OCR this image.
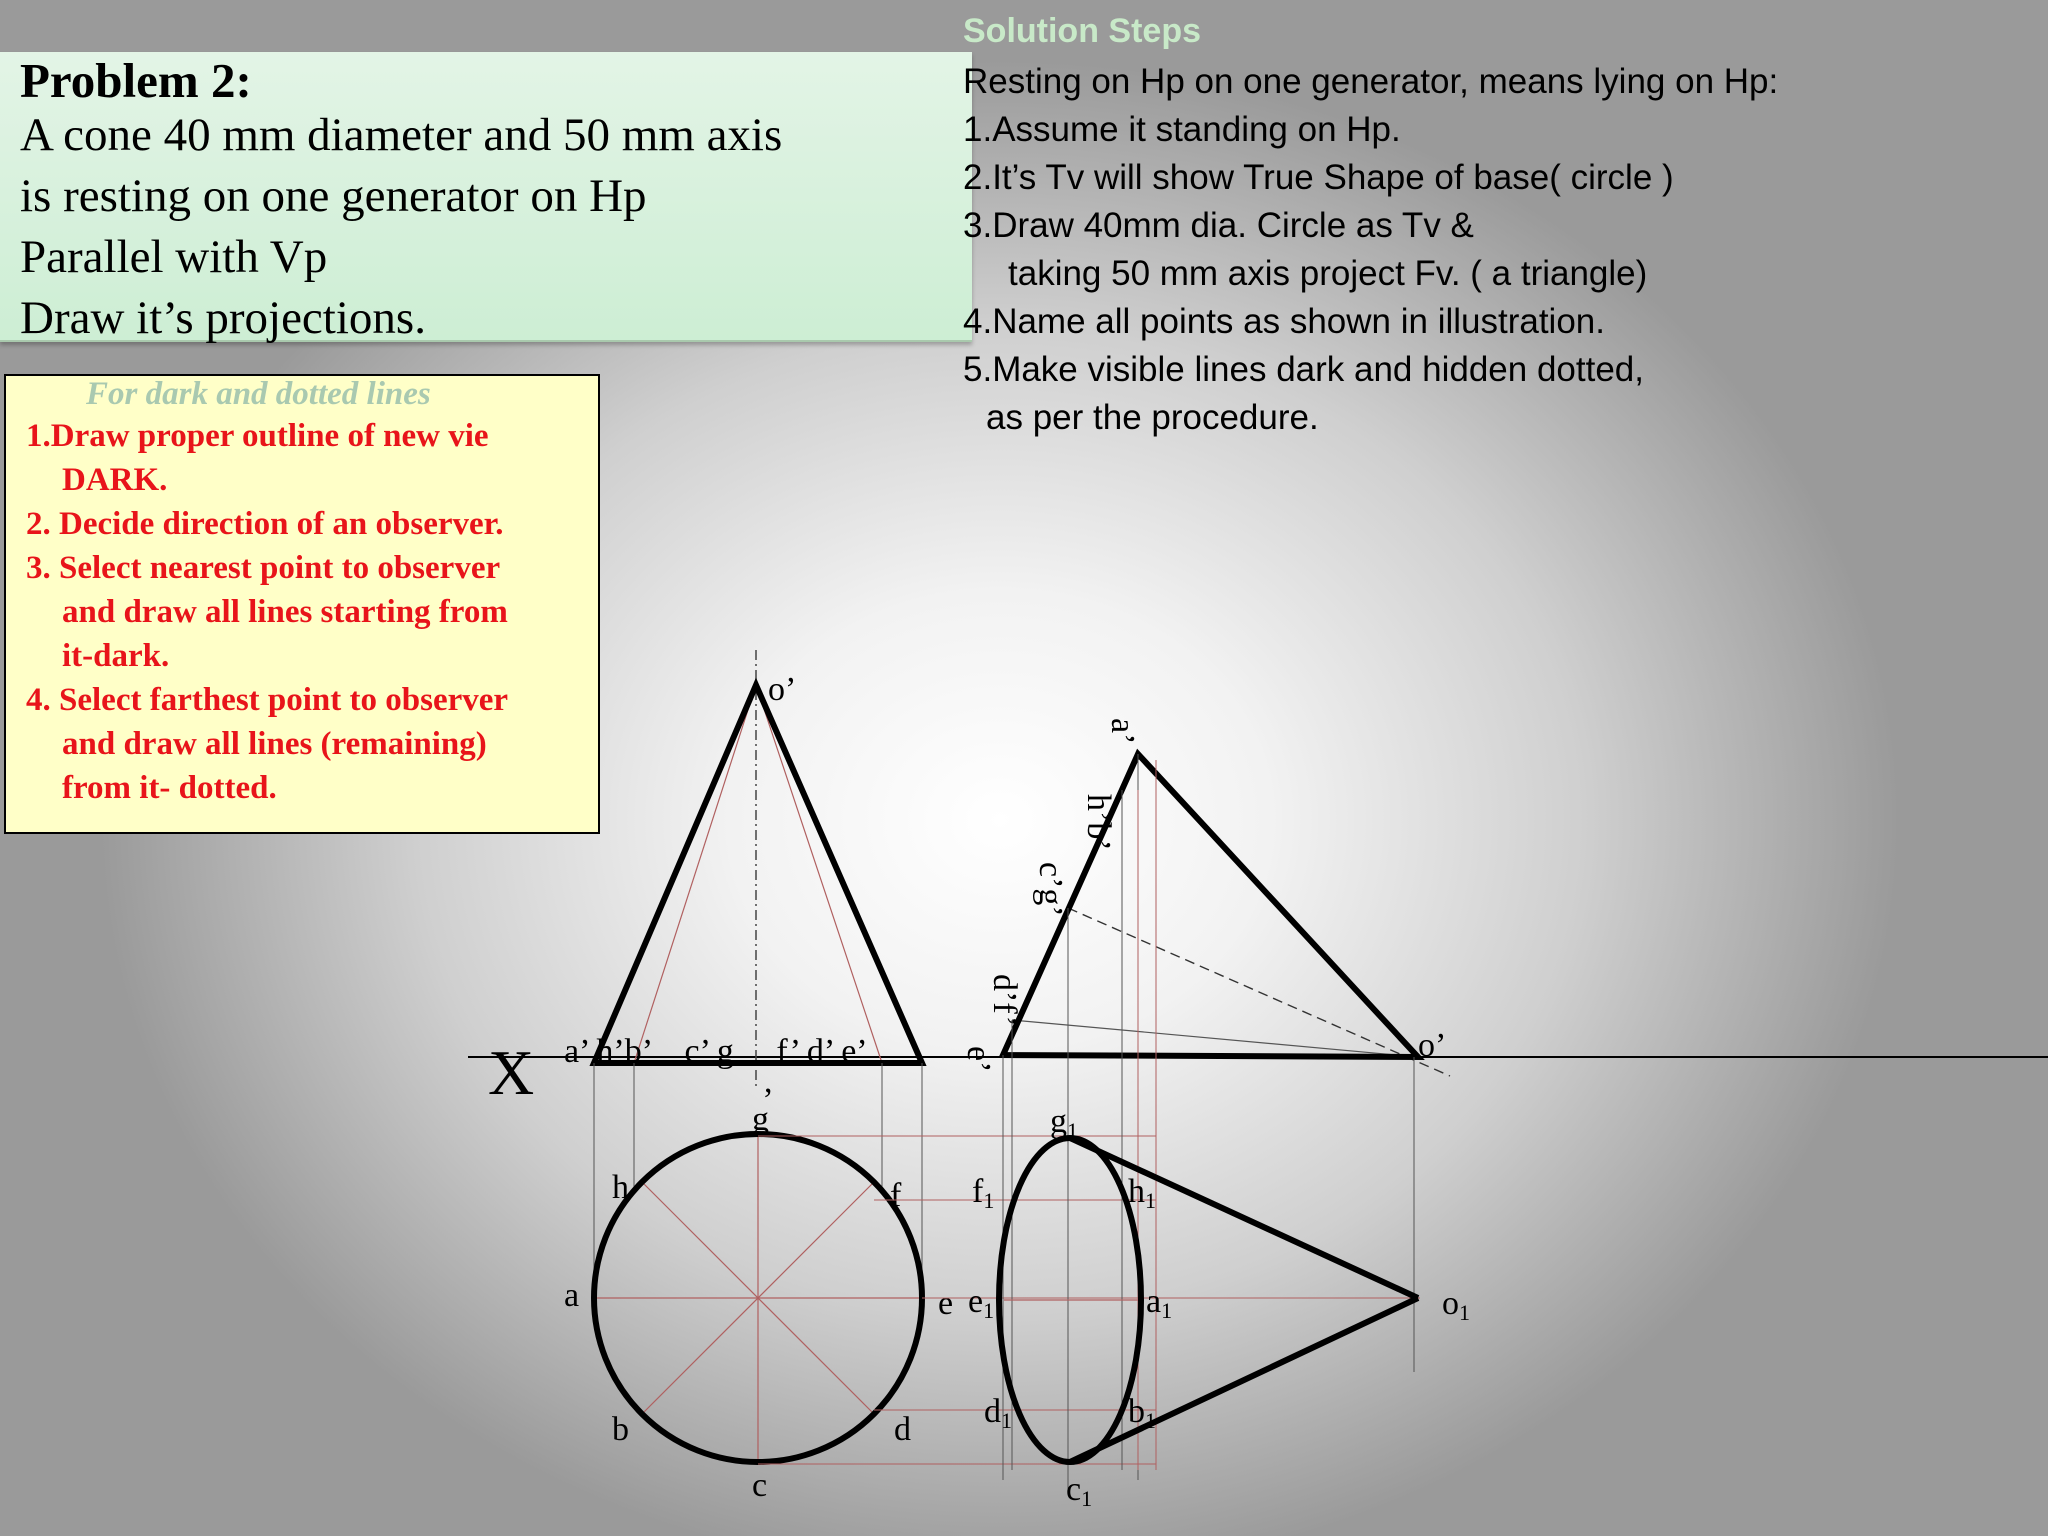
Problem 2:
A cone 40 mm diameter and 50 mm axis
is resting on one generator on Hp
Parallel with Vp
Draw it’s projections.
Solution Steps
Resting on Hp on one generator, means lying on Hp:
1.Assume it standing on Hp.
2.It’s Tv will show True Shape of base( circle )
3.Draw 40mm dia. Circle as Tv &
taking 50 mm axis project Fv. ( a triangle)
4.Name all points as shown in illustration.
5.Make visible lines dark and hidden dotted,
as per the procedure.
For dark and dotted lines
1.Draw proper outline of new vie
DARK.
2. Decide direction of an observer.
3. Select nearest point to observer
and draw all lines starting from
it-dark.
4. Select farthest point to observer
and draw all lines (remaining)
from it- dotted.
X
o’
a’ h’b’    c’ g     f’ d’ e’
,
g
h	f
a	e
b	d
c
a’
h’b’
c’g’
d’f’
e’	o’
g1
f1	h1
e1	a1
d1	b1
c1
o1
